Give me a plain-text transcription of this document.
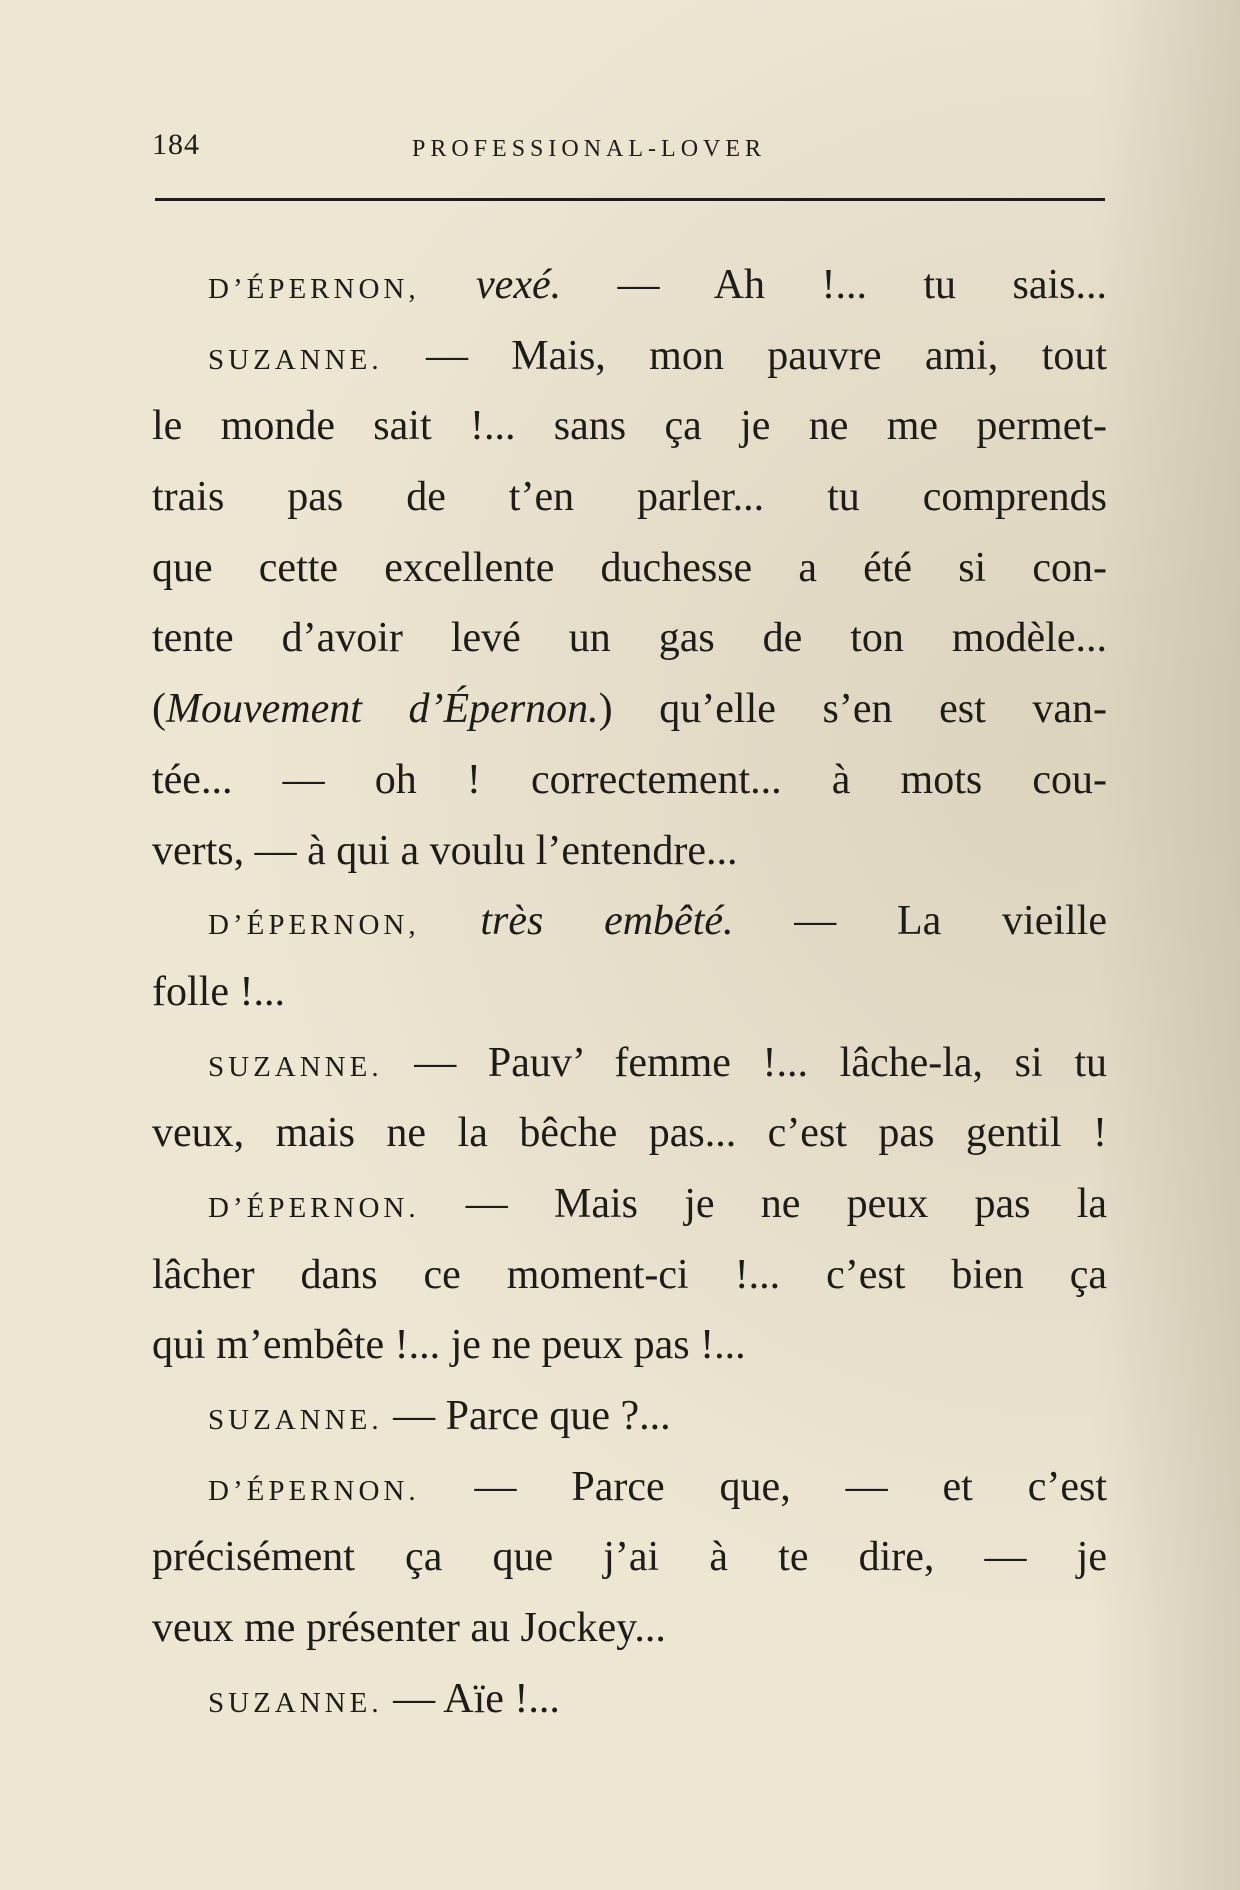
184	PROFESSIONAL-LOVER
D’ÉPERNON, vexé. — Ah !... tu sais...
SUZANNE. — Mais, mon pauvre ami, tout
le monde sait !... sans ça je ne me permet-
trais pas de t’en parler... tu comprends
que cette excellente duchesse a été si con-
tente d’avoir levé un gas de ton modèle...
(Mouvement d’Épernon.) qu’elle s’en est van-
tée... — oh ! correctement... à mots cou-
verts, — à qui a voulu l’entendre...
D’ÉPERNON, très embêté. — La vieille
folle !...
SUZANNE. — Pauv’ femme !... lâche-la, si tu
veux, mais ne la bêche pas... c’est pas gentil !
D’ÉPERNON. — Mais je ne peux pas la
lâcher dans ce moment-ci !... c’est bien ça
qui m’embête !... je ne peux pas !...
SUZANNE. — Parce que ?...
D’ÉPERNON. — Parce que, — et c’est
précisément ça que j’ai à te dire, — je
veux me présenter au Jockey...
SUZANNE. — Aïe !...
